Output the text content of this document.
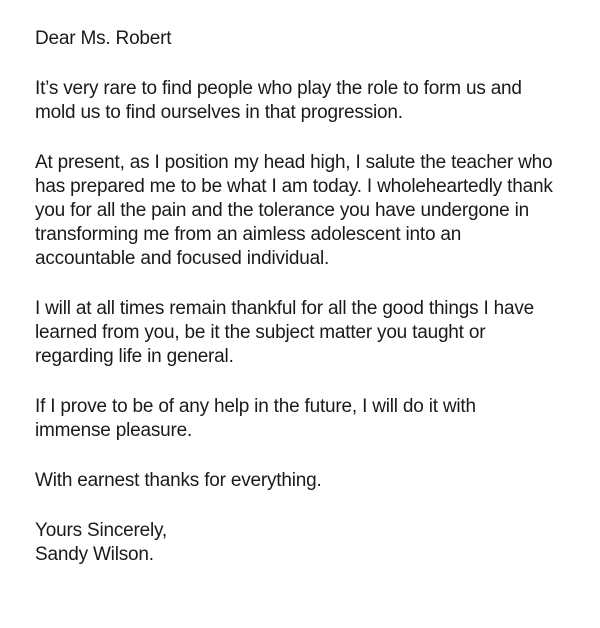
Dear Ms. Robert

It’s very rare to find people who play the role to form us and
mold us to find ourselves in that progression.

At present, as I position my head high, I salute the teacher who
has prepared me to be what I am today. I wholeheartedly thank
you for all the pain and the tolerance you have undergone in
transforming me from an aimless adolescent into an
accountable and focused individual.

I will at all times remain thankful for all the good things I have
learned from you, be it the subject matter you taught or
regarding life in general.

If I prove to be of any help in the future, I will do it with
immense pleasure.

With earnest thanks for everything.

Yours Sincerely,
Sandy Wilson.
